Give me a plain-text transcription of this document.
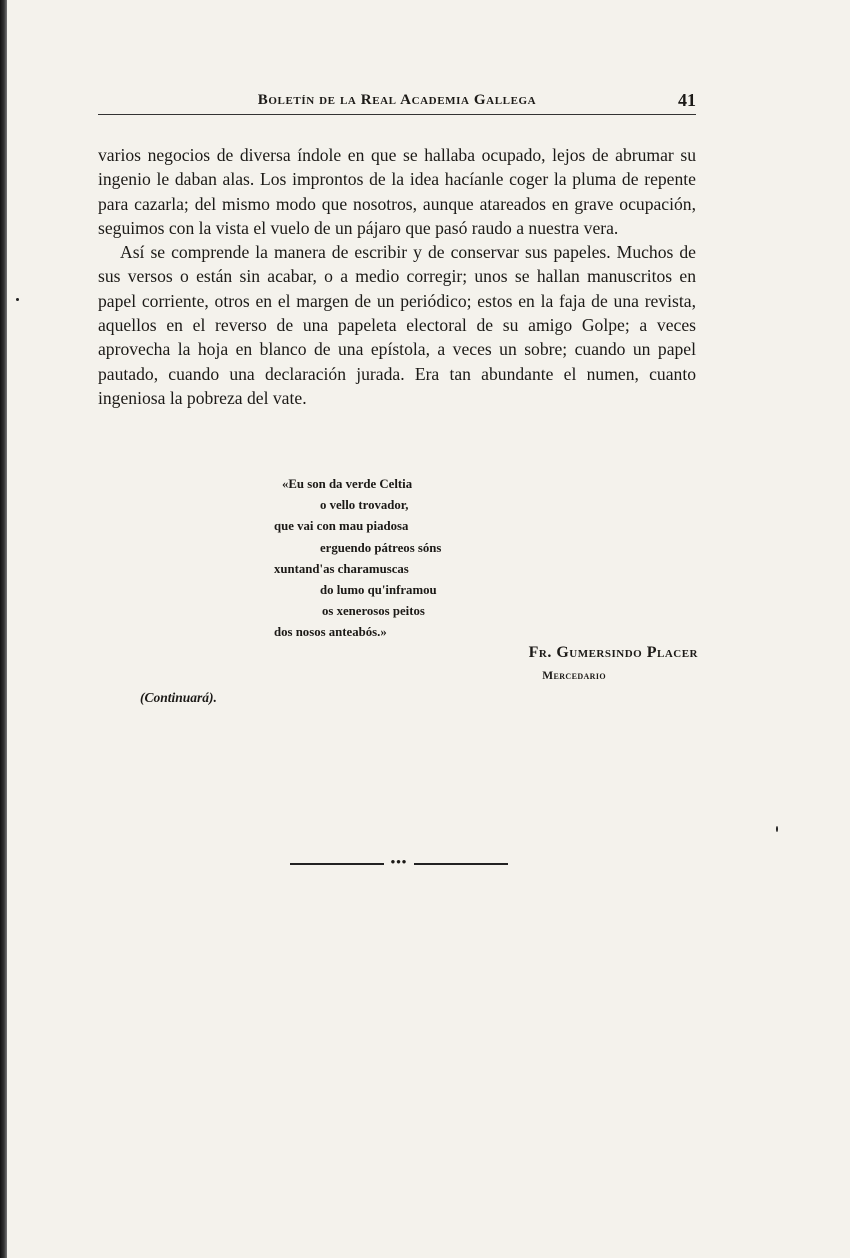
Boletín de la Real Academia Gallega	41

varios negocios de diversa índole en que se hallaba ocupado, lejos de abrumar su ingenio le daban alas. Los improntos de la idea hacíanle coger la pluma de repente para cazarla; del mismo modo que nosotros, aunque atareados en grave ocupación, seguimos con la vista el vuelo de un pájaro que pasó raudo a nuestra vera.

Así se comprende la manera de escribir y de conservar sus papeles. Muchos de sus versos o están sin acabar, o a medio corregir; unos se hallan manuscritos en papel corriente, otros en el margen de un periódico; estos en la faja de una revista, aquellos en el reverso de una papeleta electoral de su amigo Golpe; a veces aprovecha la hoja en blanco de una epístola, a veces un sobre; cuando un papel pautado, cuando una declaración jurada. Era tan abundante el numen, cuanto ingeniosa la pobreza del vate.

«Eu son da verde Celtia
o vello trovador,
que vai con mau piadosa
erguendo pátreos sóns
xuntand'as charamuscas
do lumo qu'inframou
os xenerosos peitos
dos nosos anteabós.»
Fr. Gumersindo Placer
Mercedario
(Continuará).
•••
